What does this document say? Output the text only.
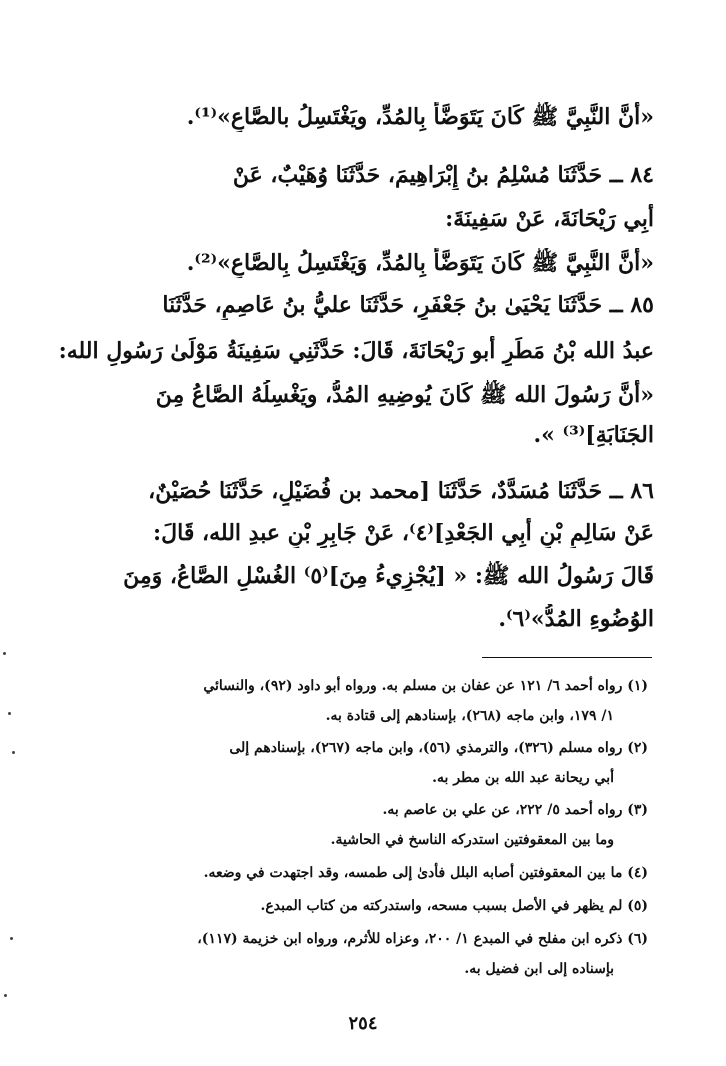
«أَنَّ النَّبِيَّ ﷺ كَانَ يَتَوَضَّأُ بِالمُدِّ، ويَغْتَسِلُ بالصَّاعِ»⁽¹⁾.
٨٤ ــ حَدَّثَنَا مُسْلِمُ بنُ إِبْرَاهِيمَ، حَدَّثَنَا وُهَيْبٌ، عَنْ
أَبِي رَيْحَانَةَ، عَنْ سَفِينَةَ:
«أَنَّ النَّبِيَّ ﷺ كَانَ يَتَوَضَّأُ بِالمُدِّ، وَيَغْتَسِلُ بِالصَّاعِ»⁽²⁾.
٨٥ ــ حَدَّثَنَا يَحْيَىٰ بنُ جَعْفَرٍ، حَدَّثَنَا عليُّ بنُ عَاصِمٍ، حَدَّثَنَا
عبدُ الله بْنُ مَطَرٍ أَبو رَيْحَانَةَ، قَالَ: حَدَّثَنِي سَفِينَةُ مَوْلَىٰ رَسُولِ الله:
«أَنَّ رَسُولَ الله ﷺ كَانَ يُوضِيهِ المُدُّ، ويَغْسِلُهُ الصَّاعُ مِنَ
الجَنَابَةِ]⁽³⁾ ».
٨٦ ــ حَدَّثَنَا مُسَدَّدٌ، حَدَّثَنَا [محمد بن فُضَيْلٍ، حَدَّثَنَا حُصَيْنٌ،
عَنْ سَالِمِ بْنِ أَبِي الجَعْدِ]⁽٤⁾، عَنْ جَابِرِ بْنِ عبدِ الله، قَالَ:
قَالَ رَسُولُ الله ﷺ: « [يُجْزِيءُ مِنَ]⁽٥⁾ الغُسْلِ الصَّاعُ، وَمِنَ
الوُضُوءِ المُدُّ»⁽٦⁾.
(١) رواه أحمد ٦/ ١٢١ عن عفان بن مسلم به. ورواه أبو داود (٩٢)، والنسائي
١/ ١٧٩، وابن ماجه (٢٦٨)، بإسنادهم إلى قتادة به.
(٢) رواه مسلم (٣٢٦)، والترمذي (٥٦)، وابن ماجه (٢٦٧)، بإسنادهم إلى
أبي ريحانة عبد الله بن مطر به.
(٣) رواه أحمد ٥/ ٢٢٢، عن علي بن عاصم به.
وما بين المعقوفتين استدركه الناسخ في الحاشية.
(٤) ما بين المعقوفتين أصابه البلل فأدىٰ إلى طمسه، وقد اجتهدت في وضعه.
(٥) لم يظهر في الأصل بسبب مسحه، واستدركته من كتاب المبدع.
(٦) ذكره ابن مفلح في المبدع ١/ ٢٠٠، وعزاه للأثرم، ورواه ابن خزيمة (١١٧)،
بإسناده إلى ابن فضيل به.
٢٥٤
